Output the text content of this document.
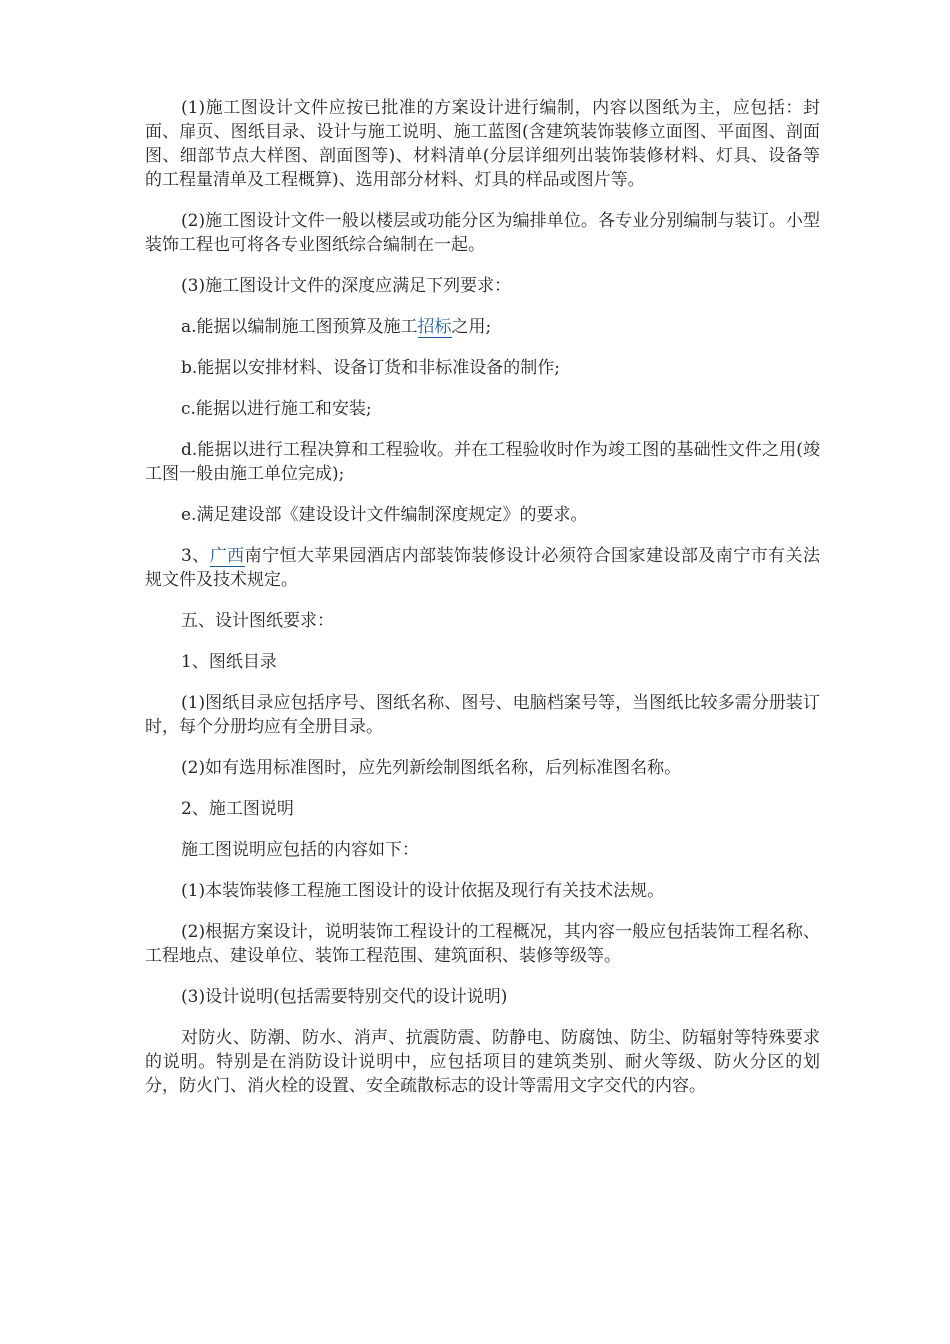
(1)施工图设计文件应按已批准的方案设计进行编制，内容以图纸为主，应包括：封面、扉页、图纸目录、设计与施工说明、施工蓝图(含建筑装饰装修立面图、平面图、剖面图、细部节点大样图、剖面图等)、材料清单(分层详细列出装饰装修材料、灯具、设备等的工程量清单及工程概算)、选用部分材料、灯具的样品或图片等。

(2)施工图设计文件一般以楼层或功能分区为编排单位。各专业分别编制与装订。小型装饰工程也可将各专业图纸综合编制在一起。

(3)施工图设计文件的深度应满足下列要求：

a.能据以编制施工图预算及施工招标之用;

b.能据以安排材料、设备订货和非标准设备的制作;

c.能据以进行施工和安装;

d.能据以进行工程决算和工程验收。并在工程验收时作为竣工图的基础性文件之用(竣工图一般由施工单位完成);

e.满足建设部《建设设计文件编制深度规定》的要求。

3、广西南宁恒大苹果园酒店内部装饰装修设计必须符合国家建设部及南宁市有关法规文件及技术规定。

五、设计图纸要求：

1、图纸目录

(1)图纸目录应包括序号、图纸名称、图号、电脑档案号等，当图纸比较多需分册装订时，每个分册均应有全册目录。

(2)如有选用标准图时，应先列新绘制图纸名称，后列标准图名称。

2、施工图说明

施工图说明应包括的内容如下：

(1)本装饰装修工程施工图设计的设计依据及现行有关技术法规。

(2)根据方案设计，说明装饰工程设计的工程概况，其内容一般应包括装饰工程名称、工程地点、建设单位、装饰工程范围、建筑面积、装修等级等。

(3)设计说明(包括需要特别交代的设计说明)

对防火、防潮、防水、消声、抗震防震、防静电、防腐蚀、防尘、防辐射等特殊要求的说明。特别是在消防设计说明中，应包括项目的建筑类别、耐火等级、防火分区的划分，防火门、消火栓的设置、安全疏散标志的设计等需用文字交代的内容。
